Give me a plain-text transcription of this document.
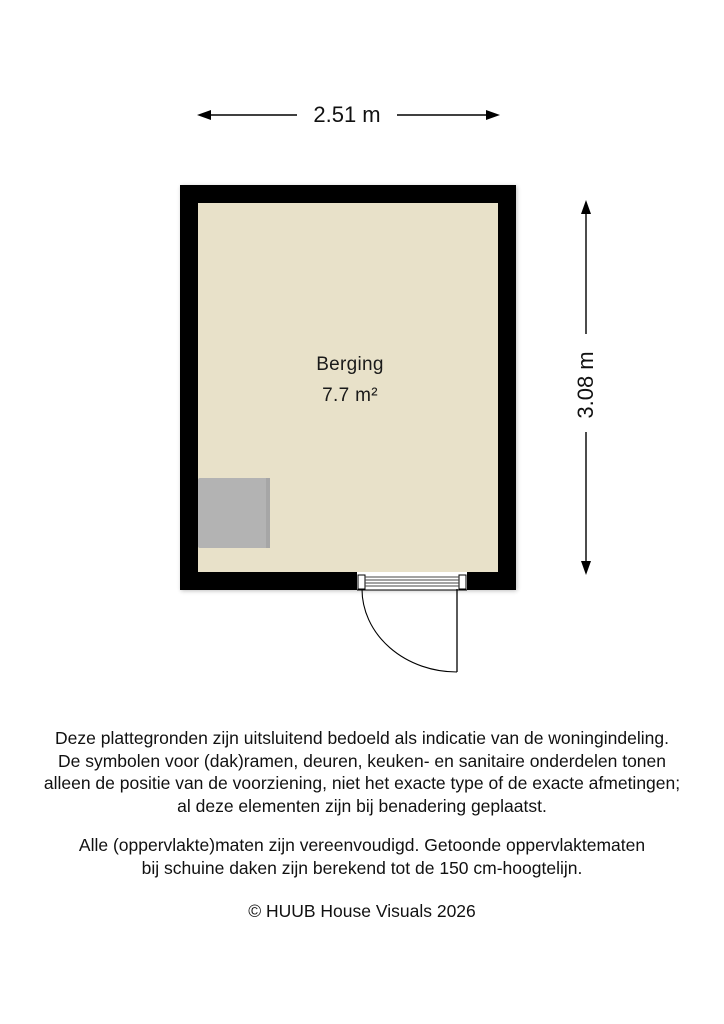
Berging
7.7 m²
2.51 m
3.08 m

Deze plattegronden zijn uitsluitend bedoeld als indicatie van de woningindeling.

De symbolen voor (dak)ramen, deuren, keuken- en sanitaire onderdelen tonen

alleen de positie van de voorziening, niet het exacte type of de exacte afmetingen;

al deze elementen zijn bij benadering geplaatst.

Alle (oppervlakte)maten zijn vereenvoudigd. Getoonde oppervlaktematen

bij schuine daken zijn berekend tot de 150 cm-hoogtelijn.

© HUUB House Visuals 2026
